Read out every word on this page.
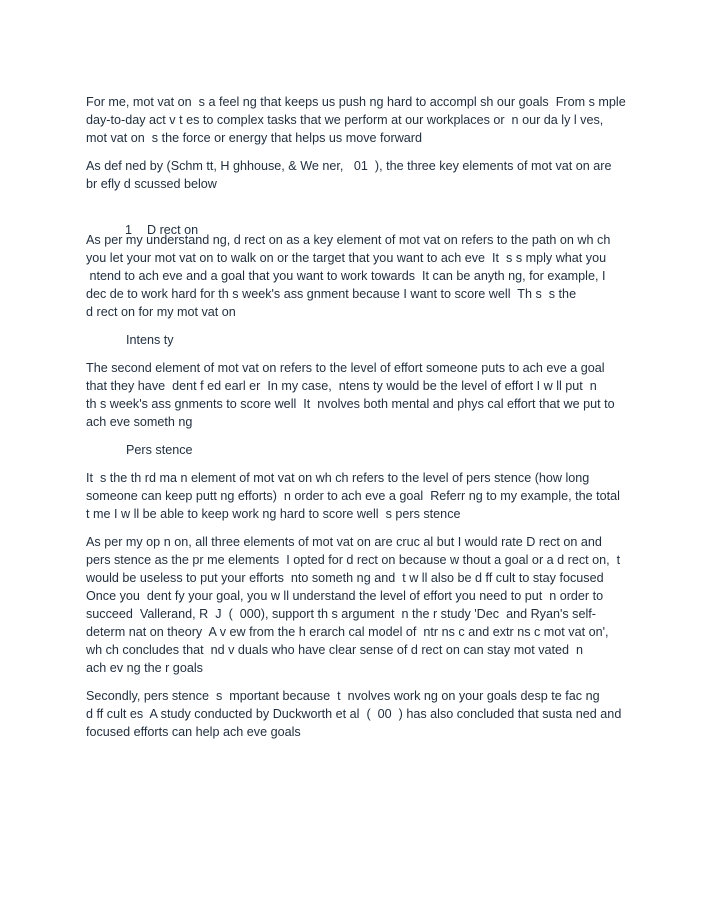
For me, mot vat on  s a feel ng that keeps us push ng hard to accompl sh our goals  From s mple
day-to-day act v t es to complex tasks that we perform at our workplaces or  n our da ly l ves,
mot vat on  s the force or energy that helps us move forward
As def ned by (Schm tt, H ghhouse, & We ner,   01  ), the three key elements of mot vat on are
br efly d scussed below

1 D rect on

As per my understand ng, d rect on as a key element of mot vat on refers to the path on wh ch
you let your mot vat on to walk on or the target that you want to ach eve  It  s s mply what you
ntend to ach eve and a goal that you want to work towards  It can be anyth ng, for example, I
dec de to work hard for th s week's ass gnment because I want to score well  Th s  s the
d rect on for my mot vat on
Intens ty
The second element of mot vat on refers to the level of effort someone puts to ach eve a goal
that they have  dent f ed earl er  In my case,  ntens ty would be the level of effort I w ll put  n
th s week's ass gnments to score well  It  nvolves both mental and phys cal effort that we put to
ach eve someth ng
Pers stence
It  s the th rd ma n element of mot vat on wh ch refers to the level of pers stence (how long
someone can keep putt ng efforts)  n order to ach eve a goal  Referr ng to my example, the total
t me I w ll be able to keep work ng hard to score well  s pers stence
As per my op n on, all three elements of mot vat on are cruc al but I would rate D rect on and
pers stence as the pr me elements  I opted for d rect on because w thout a goal or a d rect on,  t
would be useless to put your efforts  nto someth ng and  t w ll also be d ff cult to stay focused
Once you  dent fy your goal, you w ll understand the level of effort you need to put  n order to
succeed  Vallerand, R  J  (  000), support th s argument  n the r study 'Dec  and Ryan's self-
determ nat on theory  A v ew from the h erarch cal model of  ntr ns c and extr ns c mot vat on',
wh ch concludes that  nd v duals who have clear sense of d rect on can stay mot vated  n
ach ev ng the r goals
Secondly, pers stence  s  mportant because  t  nvolves work ng on your goals desp te fac ng
d ff cult es  A study conducted by Duckworth et al  (  00  ) has also concluded that susta ned and
focused efforts can help ach eve goals
